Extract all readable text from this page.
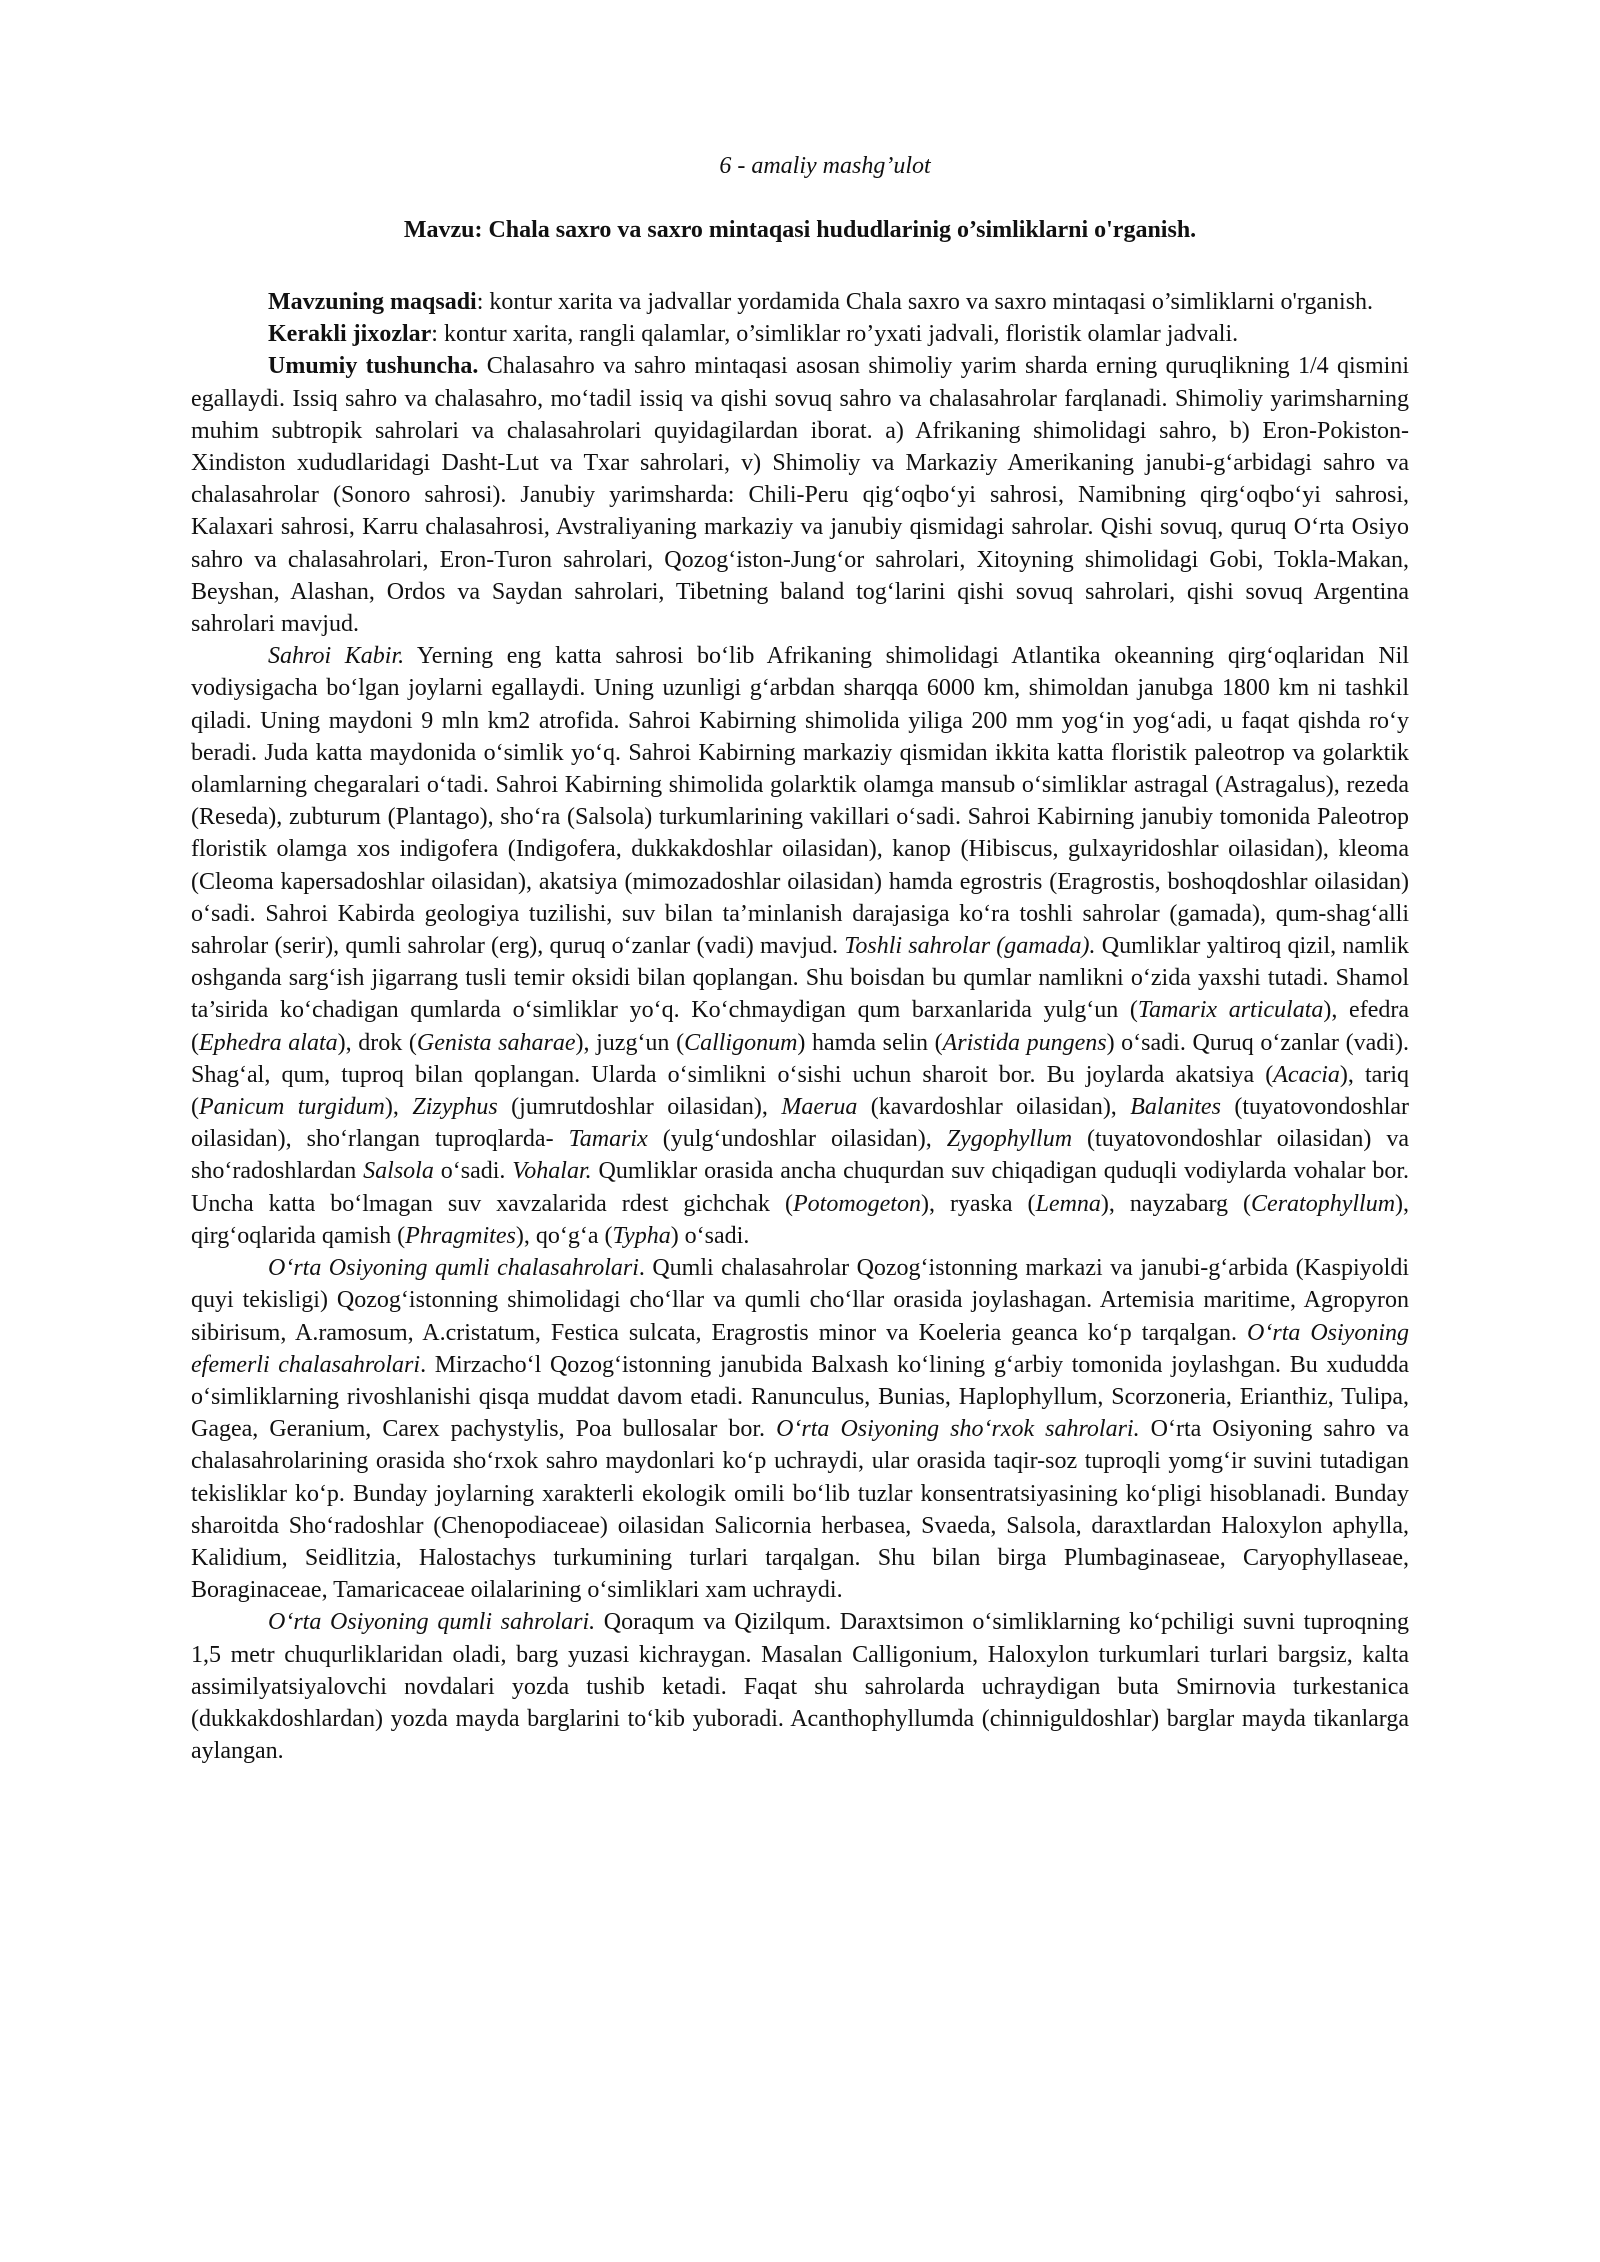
6 - amaliy mashg’ulot

Mavzu: Chala saxro va saxro mintaqasi hududlarinig o’simliklarni o'rganish.

Mavzuning maqsadi: kontur xarita va jadvallar yordamida Chala saxro va saxro mintaqasi o’simliklarni o'rganish.

Kerakli jixozlar: kontur xarita, rangli qalamlar, o’simliklar ro’yxati jadvali, floristik olamlar jadvali.

Umumiy tushuncha. Chalasahro va sahro mintaqasi asosan shimoliy yarim sharda erning quruqlikning 1/4 qismini egallaydi. Issiq sahro va chalasahro, mo‘tadil issiq va qishi sovuq sahro va chalasahrolar farqlanadi. Shimoliy yarimsharning muhim subtropik sahrolari va chalasahrolari quyidagilardan iborat. a) Afrikaning shimolidagi sahro, b) Eron-Pokiston-Xindiston xududlaridagi Dasht-Lut va Txar sahrolari, v) Shimoliy va Markaziy Amerikaning janubi-g‘arbidagi sahro va chalasahrolar (Sonoro sahrosi). Janubiy yarimsharda: Chili-Peru qig‘oqbo‘yi sahrosi, Namibning qirg‘oqbo‘yi sahrosi, Kalaxari sahrosi, Karru chalasahrosi, Avstraliyaning markaziy va janubiy qismidagi sahrolar. Qishi sovuq, quruq O‘rta Osiyo sahro va chalasahrolari, Eron-Turon sahrolari, Qozog‘iston-Jung‘or sahrolari, Xitoyning shimolidagi Gobi, Tokla-Makan, Beyshan, Alashan, Ordos va Saydan sahrolari, Tibetning baland tog‘larini qishi sovuq sahrolari, qishi sovuq Argentina sahrolari mavjud.

Sahroi Kabir. Yerning eng katta sahrosi bo‘lib Afrikaning shimolidagi Atlantika okeanning qirg‘oqlaridan Nil vodiysigacha bo‘lgan joylarni egallaydi. Uning uzunligi g‘arbdan sharqqa 6000 km, shimoldan janubga 1800 km ni tashkil qiladi. Uning maydoni 9 mln km2 atrofida. Sahroi Kabirning shimolida yiliga 200 mm yog‘in yog‘adi, u faqat qishda ro‘y beradi. Juda katta maydonida o‘simlik yo‘q. Sahroi Kabirning markaziy qismidan ikkita katta floristik paleotrop va golarktik olamlarning chegaralari o‘tadi. Sahroi Kabirning shimolida golarktik olamga mansub o‘simliklar astragal (Astragalus), rezeda (Reseda), zubturum (Plantago), sho‘ra (Salsola) turkumlarining vakillari o‘sadi. Sahroi Kabirning janubiy tomonida Paleotrop floristik olamga xos indigofera (Indigofera, dukkakdoshlar oilasidan), kanop (Hibiscus, gulxayridoshlar oilasidan), kleoma (Cleoma kapersadoshlar oilasidan), akatsiya (mimozadoshlar oilasidan) hamda egrostris (Eragrostis, boshoqdoshlar oilasidan) o‘sadi. Sahroi Kabirda geologiya tuzilishi, suv bilan ta’minlanish darajasiga ko‘ra toshli sahrolar (gamada), qum-shag‘alli sahrolar (serir), qumli sahrolar (erg), quruq o‘zanlar (vadi) mavjud. Toshli sahrolar (gamada). Qumliklar yaltiroq qizil, namlik oshganda sarg‘ish jigarrang tusli temir oksidi bilan qoplangan. Shu boisdan bu qumlar namlikni o‘zida yaxshi tutadi. Shamol ta’sirida ko‘chadigan qumlarda o‘simliklar yo‘q. Ko‘chmaydigan qum barxanlarida yulg‘un (Tamarix articulata), efedra (Ephedra alata), drok (Genista saharae), juzg‘un (Calligonum) hamda selin (Aristida pungens) o‘sadi. Quruq o‘zanlar (vadi). Shag‘al, qum, tuproq bilan qoplangan. Ularda o‘simlikni o‘sishi uchun sharoit bor. Bu joylarda akatsiya (Acacia), tariq (Panicum turgidum), Zizyphus (jumrutdoshlar oilasidan), Maerua (kavardoshlar oilasidan), Balanites (tuyatovondoshlar oilasidan), sho‘rlangan tuproqlarda- Tamarix (yulg‘undoshlar oilasidan), Zygophyllum (tuyatovondoshlar oilasidan) va sho‘radoshlardan Salsola o‘sadi. Vohalar. Qumliklar orasida ancha chuqurdan suv chiqadigan quduqli vodiylarda vohalar bor. Uncha katta bo‘lmagan suv xavzalarida rdest gichchak (Potomogeton), ryaska (Lemna), nayzabarg (Ceratophyllum), qirg‘oqlarida qamish (Phragmites), qo‘g‘a (Typha) o‘sadi.

O‘rta Osiyoning qumli chalasahrolari. Qumli chalasahrolar Qozog‘istonning markazi va janubi-g‘arbida (Kaspiyoldi quyi tekisligi) Qozog‘istonning shimolidagi cho‘llar va qumli cho‘llar orasida joylashagan. Artemisia maritime, Agropyron sibirisum, A.ramosum, A.cristatum, Festica sulcata, Eragrostis minor va Koeleria geanca ko‘p tarqalgan. O‘rta Osiyoning efemerli chalasahrolari. Mirzacho‘l Qozog‘istonning janubida Balxash ko‘lining g‘arbiy tomonida joylashgan. Bu xududda o‘simliklarning rivoshlanishi qisqa muddat davom etadi. Ranunculus, Bunias, Haplophyllum, Scorzoneria, Erianthiz, Tulipa, Gagea, Geranium, Carex pachystylis, Poa bullosalar bor. O‘rta Osiyoning sho‘rxok sahrolari. O‘rta Osiyoning sahro va chalasahrolarining orasida sho‘rxok sahro maydonlari ko‘p uchraydi, ular orasida taqir-soz tuproqli yomg‘ir suvini tutadigan tekisliklar ko‘p. Bunday joylarning xarakterli ekologik omili bo‘lib tuzlar konsentratsiyasining ko‘pligi hisoblanadi. Bunday sharoitda Sho‘radoshlar (Chenopodiaceae) oilasidan Salicornia herbasea, Svaeda, Salsola, daraxtlardan Haloxylon aphylla, Kalidium, Seidlitzia, Halostachys turkumining turlari tarqalgan. Shu bilan birga Plumbaginaseae, Caryophyllaseae, Boraginaceae, Tamaricaceae oilalarining o‘simliklari xam uchraydi.

O‘rta Osiyoning qumli sahrolari. Qoraqum va Qizilqum. Daraxtsimon o‘simliklarning ko‘pchiligi suvni tuproqning 1,5 metr chuqurliklaridan oladi, barg yuzasi kichraygan. Masalan Calligonium, Haloxylon turkumlari turlari bargsiz, kalta assimilyatsiyalovchi novdalari yozda tushib ketadi. Faqat shu sahrolarda uchraydigan buta Smirnovia turkestanica (dukkakdoshlardan) yozda mayda barglarini to‘kib yuboradi. Acanthophyllumda (chinniguldoshlar) barglar mayda tikanlarga aylangan.
